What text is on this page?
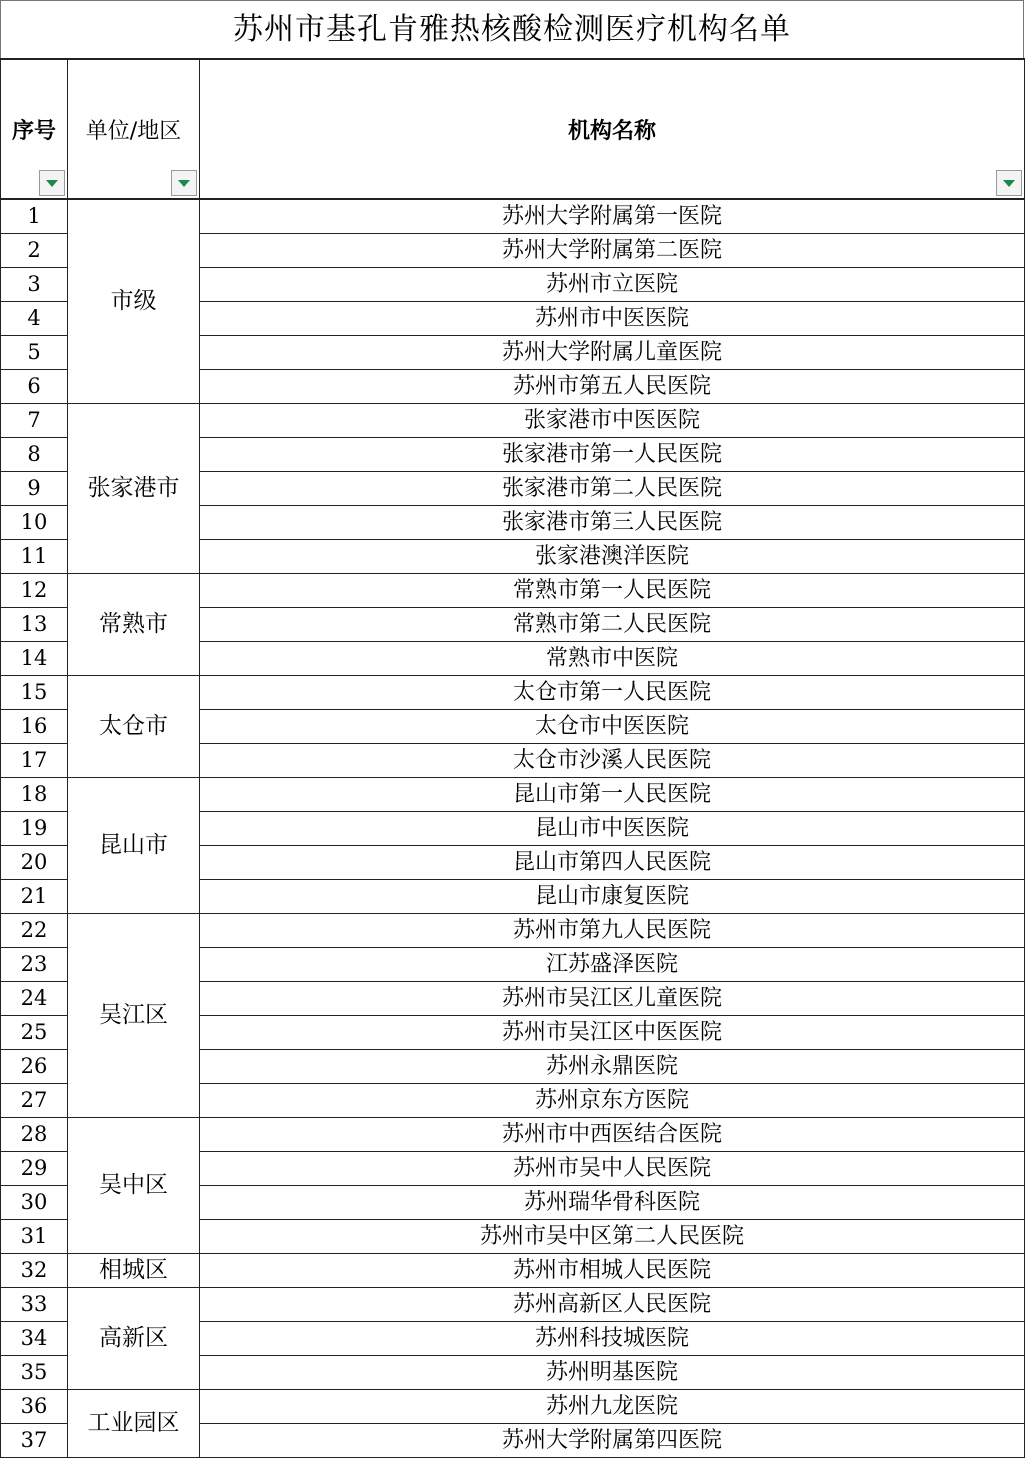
苏州市基孔肯雅热核酸检测医疗机构名单
序号	单位/地区	机构名称

1	市级	苏州大学附属第一医院
2		苏州大学附属第二医院
3		苏州市立医院
4		苏州市中医医院
5		苏州大学附属儿童医院
6		苏州市第五人民医院
7	张家港市	张家港市中医医院
8		张家港市第一人民医院
9		张家港市第二人民医院
10		张家港市第三人民医院
11		张家港澳洋医院
12	常熟市	常熟市第一人民医院
13		常熟市第二人民医院
14		常熟市中医院
15	太仓市	太仓市第一人民医院
16		太仓市中医医院
17		太仓市沙溪人民医院
18	昆山市	昆山市第一人民医院
19		昆山市中医医院
20		昆山市第四人民医院
21		昆山市康复医院
22	吴江区	苏州市第九人民医院
23		江苏盛泽医院
24		苏州市吴江区儿童医院
25		苏州市吴江区中医医院
26		苏州永鼎医院
27		苏州京东方医院
28	吴中区	苏州市中西医结合医院
29		苏州市吴中人民医院
30		苏州瑞华骨科医院
31		苏州市吴中区第二人民医院
32	相城区	苏州市相城人民医院
33	高新区	苏州高新区人民医院
34		苏州科技城医院
35		苏州明基医院
36	工业园区	苏州九龙医院
37		苏州大学附属第四医院
